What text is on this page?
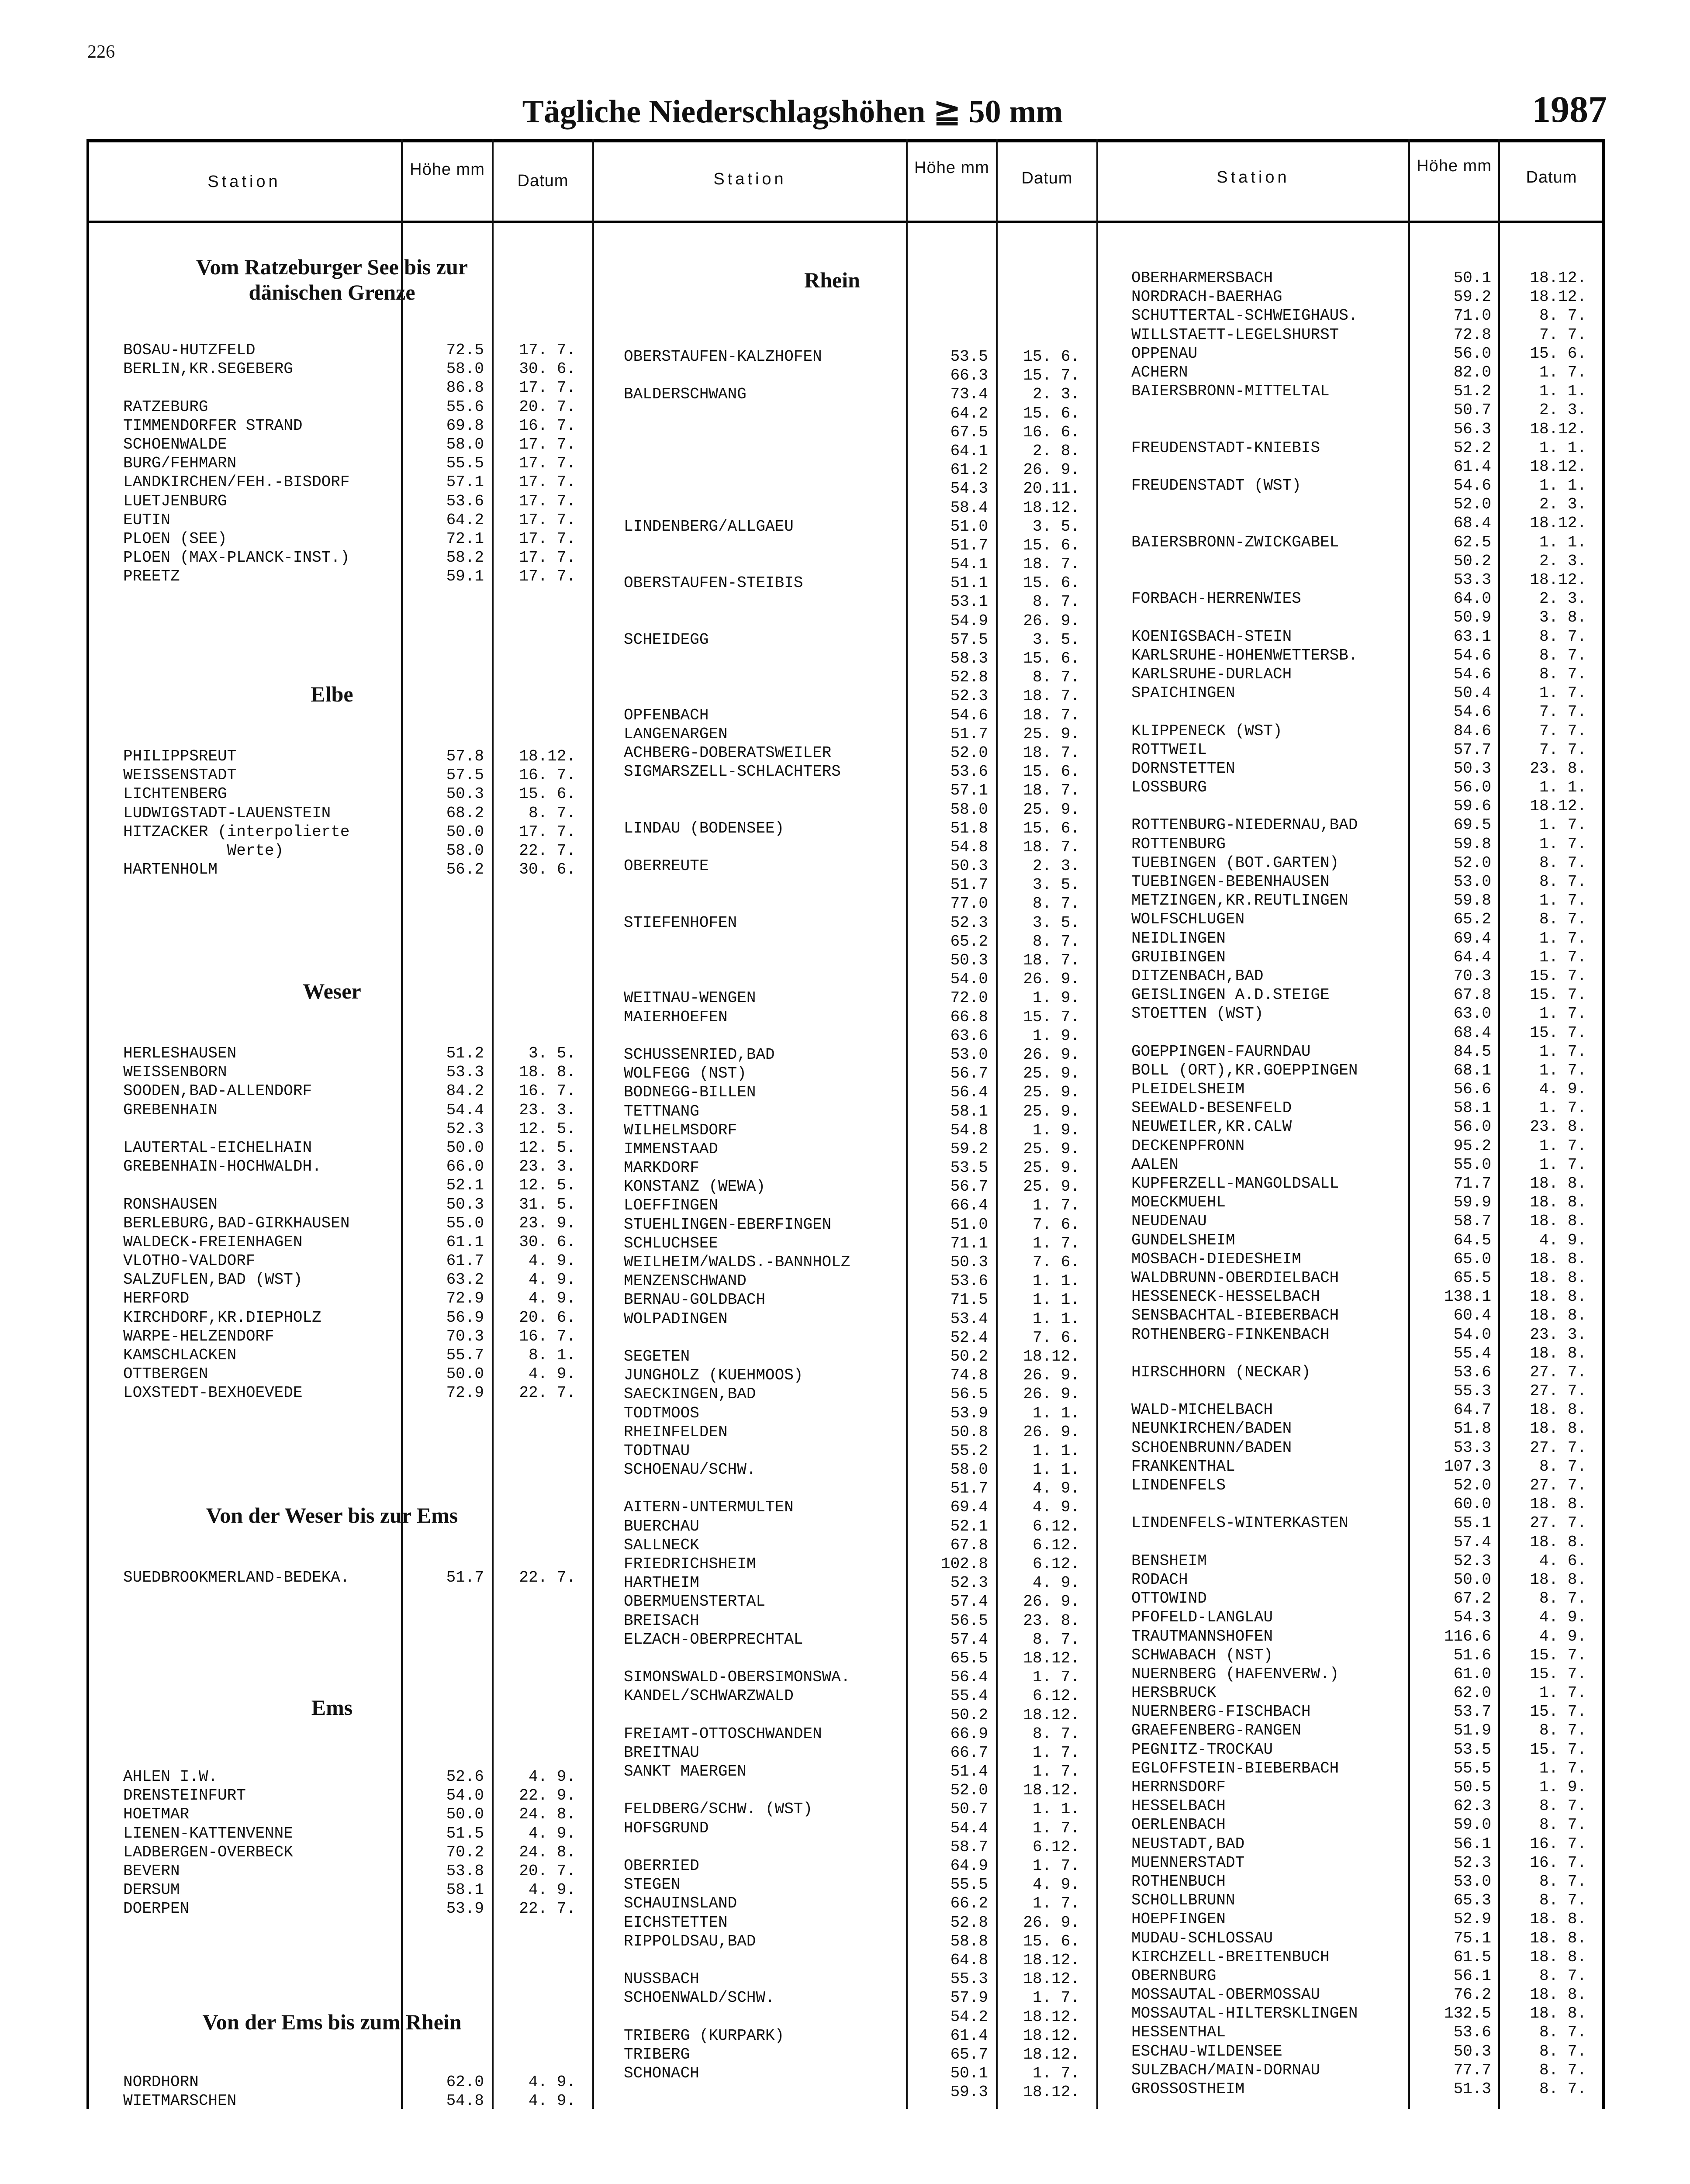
226
Tägliche Niederschlagshöhen ≧ 50 mm	1987
Station
Höhe mm
Datum	Station
Höhe mm
Datum	Station
Höhe mm
Datum
Vom Ratzeburger See bis zur dänischen Grenze
BOSAU-HUTZFELD	72.5 17. 7.
BERLIN,KR.SEGEBERG	58.0 30. 6.
86.8 17. 7.
RATZEBURG	55.6 20. 7.
TIMMENDORFER STRAND	69.8 16. 7.
SCHOENWALDE	58.0 17. 7.
BURG/FEHMARN	55.5 17. 7.
LANDKIRCHEN/FEH.-BISDORF	57.1 17. 7.
LUETJENBURG	53.6 17. 7.
EUTIN	64.2 17. 7.
PLOEN (SEE)	72.1 17. 7.
PLOEN (MAX-PLANCK-INST.)	58.2 17. 7.
PREETZ	59.1 17. 7.
Elbe
PHILIPPSREUT	57.8 18.12.
WEISSENSTADT	57.5 16. 7.
LICHTENBERG	50.3 15. 6.
LUDWIGSTADT-LAUENSTEIN	68.2	8. 7.
HITZACKER (interpolierte	50.0 17. 7.
Werte)	58.0 22. 7.
HARTENHOLM	56.2 30. 6.
Weser
HERLESHAUSEN	51.2	3. 5.
WEISSENBORN	53.3 18. 8.
SOODEN,BAD-ALLENDORF	84.2 16. 7.
GREBENHAIN	54.4 23. 3.
52.3 12. 5.
LAUTERTAL-EICHELHAIN	50.0 12. 5.
GREBENHAIN-HOCHWALDH.	66.0 23. 3.
52.1 12. 5.
RONSHAUSEN	50.3 31. 5.
BERLEBURG,BAD-GIRKHAUSEN	55.0 23. 9.
WALDECK-FREIENHAGEN	61.1 30. 6.
VLOTHO-VALDORF	61.7	4. 9.
SALZUFLEN,BAD (WST)	63.2	4. 9.
HERFORD	72.9	4. 9.
KIRCHDORF,KR.DIEPHOLZ	56.9 20. 6.
WARPE-HELZENDORF	70.3 16. 7.
KAMSCHLACKEN	55.7	8. 1.
OTTBERGEN	50.0	4. 9.
LOXSTEDT-BEXHOEVEDE	72.9 22. 7.
Von der Weser bis zur Ems
SUEDBROOKMERLAND-BEDEKA.	51.7 22. 7.
Ems
AHLEN I.W.	52.6	4. 9.
DRENSTEINFURT	54.0 22. 9.
HOETMAR	50.0 24. 8.
LIENEN-KATTENVENNE	51.5	4. 9.
LADBERGEN-OVERBECK	70.2 24. 8.
BEVERN	53.8 20. 7.
DERSUM	58.1	4. 9.
DOERPEN	53.9 22. 7.
Von der Ems bis zum Rhein
NORDHORN	62.0	4. 9.
WIETMARSCHEN	54.8	4. 9.
Rhein
OBERSTAUFEN-KALZHOFEN	53.5 15. 6.
66.3 15. 7.
BALDERSCHWANG	73.4	2. 3.
64.2 15. 6.
67.5 16. 6.
64.1	2. 8.
61.2 26. 9.
54.3 20.11.
58.4 18.12.
LINDENBERG/ALLGAEU	51.0	3. 5.
51.7 15. 6.
54.1 18. 7.
OBERSTAUFEN-STEIBIS	51.1 15. 6.
53.1	8. 7.
54.9 26. 9.
SCHEIDEGG	57.5	3. 5.
58.3 15. 6.
52.8	8. 7.
52.3 18. 7.
OPFENBACH	54.6 18. 7.
LANGENARGEN	51.7 25. 9.
ACHBERG-DOBERATSWEILER	52.0 18. 7.
SIGMARSZELL-SCHLACHTERS	53.6 15. 6.
57.1 18. 7.
58.0 25. 9.
LINDAU (BODENSEE)	51.8 15. 6.
54.8 18. 7.
OBERREUTE	50.3	2. 3.
51.7	3. 5.
77.0	8. 7.
STIEFENHOFEN	52.3	3. 5.
65.2	8. 7.
50.3 18. 7.
54.0 26. 9.
WEITNAU-WENGEN	72.0	1. 9.
MAIERHOEFEN	66.8 15. 7.
63.6	1. 9.
SCHUSSENRIED,BAD	53.0 26. 9.
WOLFEGG (NST)	56.7 25. 9.
BODNEGG-BILLEN	56.4 25. 9.
TETTNANG	58.1 25. 9.
WILHELMSDORF	54.8	1. 9.
IMMENSTAAD	59.2 25. 9.
MARKDORF	53.5 25. 9.
KONSTANZ (WEWA)	56.7 25. 9.
LOEFFINGEN	66.4	1. 7.
STUEHLINGEN-EBERFINGEN	51.0	7. 6.
SCHLUCHSEE	71.1	1. 7.
WEILHEIM/WALDS.-BANNHOLZ	50.3	7. 6.
MENZENSCHWAND	53.6	1. 1.
BERNAU-GOLDBACH	71.5	1. 1.
WOLPADINGEN	53.4	1. 1.
52.4	7. 6.
SEGETEN	50.2 18.12.
JUNGHOLZ (KUEHMOOS)	74.8 26. 9.
SAECKINGEN,BAD	56.5 26. 9.
TODTMOOS	53.9	1. 1.
RHEINFELDEN	50.8 26. 9.
TODTNAU	55.2	1. 1.
SCHOENAU/SCHW.	58.0	1. 1.
51.7	4. 9.
AITERN-UNTERMULTEN	69.4	4. 9.
BUERCHAU	52.1	6.12.
SALLNECK	67.8	6.12.
FRIEDRICHSHEIM	102.8	6.12.
HARTHEIM	52.3	4. 9.
OBERMUENSTERTAL	57.4 26. 9.
BREISACH	56.5 23. 8.
ELZACH-OBERPRECHTAL	57.4	8. 7.
65.5 18.12.
SIMONSWALD-OBERSIMONSWA.	56.4	1. 7.
KANDEL/SCHWARZWALD	55.4	6.12.
50.2 18.12.
FREIAMT-OTTOSCHWANDEN	66.9	8. 7.
BREITNAU	66.7	1. 7.
SANKT MAERGEN	51.4	1. 7.
52.0 18.12.
FELDBERG/SCHW. (WST)	50.7	1. 1.
HOFSGRUND	54.4	1. 7.
58.7	6.12.
OBERRIED	64.9	1. 7.
STEGEN	55.5	4. 9.
SCHAUINSLAND	66.2	1. 7.
EICHSTETTEN	52.8 26. 9.
RIPPOLDSAU,BAD	58.8 15. 6.
64.8 18.12.
NUSSBACH	55.3 18.12.
SCHOENWALD/SCHW.	57.9	1. 7.
54.2 18.12.
TRIBERG (KURPARK)	61.4 18.12.
TRIBERG	65.7 18.12.
SCHONACH	50.1	1. 7.
59.3 18.12.
OBERHARMERSBACH	50.1 18.12.
NORDRACH-BAERHAG	59.2 18.12.
SCHUTTERTAL-SCHWEIGHAUS.	71.0	8. 7.
WILLSTAETT-LEGELSHURST	72.8	7. 7.
OPPENAU	56.0 15. 6.
ACHERN	82.0	1. 7.
BAIERSBRONN-MITTELTAL	51.2	1. 1.
50.7	2. 3.
56.3 18.12.
FREUDENSTADT-KNIEBIS	52.2	1. 1.
61.4 18.12.
FREUDENSTADT (WST)	54.6	1. 1.
52.0	2. 3.
68.4 18.12.
BAIERSBRONN-ZWICKGABEL	62.5	1. 1.
50.2	2. 3.
53.3 18.12.
FORBACH-HERRENWIES	64.0	2. 3.
50.9	3. 8.
KOENIGSBACH-STEIN	63.1	8. 7.
KARLSRUHE-HOHENWETTERSB.	54.6	8. 7.
KARLSRUHE-DURLACH	54.6	8. 7.
SPAICHINGEN	50.4	1. 7.
54.6	7. 7.
KLIPPENECK (WST)	84.6	7. 7.
ROTTWEIL	57.7	7. 7.
DORNSTETTEN	50.3 23. 8.
LOSSBURG	56.0	1. 1.
59.6 18.12.
ROTTENBURG-NIEDERNAU,BAD	69.5	1. 7.
ROTTENBURG	59.8	1. 7.
TUEBINGEN (BOT.GARTEN)	52.0	8. 7.
TUEBINGEN-BEBENHAUSEN	53.0	8. 7.
METZINGEN,KR.REUTLINGEN	59.8	1. 7.
WOLFSCHLUGEN	65.2	8. 7.
NEIDLINGEN	69.4	1. 7.
GRUIBINGEN	64.4	1. 7.
DITZENBACH,BAD	70.3 15. 7.
GEISLINGEN A.D.STEIGE	67.8 15. 7.
STOETTEN (WST)	63.0	1. 7.
68.4 15. 7.
GOEPPINGEN-FAURNDAU	84.5	1. 7.
BOLL (ORT),KR.GOEPPINGEN	68.1	1. 7.
PLEIDELSHEIM	56.6	4. 9.
SEEWALD-BESENFELD	58.1	1. 7.
NEUWEILER,KR.CALW	56.0 23. 8.
DECKENPFRONN	95.2	1. 7.
AALEN	55.0	1. 7.
KUPFERZELL-MANGOLDSALL	71.7 18. 8.
MOECKMUEHL	59.9 18. 8.
NEUDENAU	58.7 18. 8.
GUNDELSHEIM	64.5	4. 9.
MOSBACH-DIEDESHEIM	65.0 18. 8.
WALDBRUNN-OBERDIELBACH	65.5 18. 8.
HESSENECK-HESSELBACH	138.1 18. 8.
SENSBACHTAL-BIEBERBACH	60.4 18. 8.
ROTHENBERG-FINKENBACH	54.0 23. 3.
55.4 18. 8.
HIRSCHHORN (NECKAR)	53.6 27. 7.
55.3 27. 7.
WALD-MICHELBACH	64.7 18. 8.
NEUNKIRCHEN/BADEN	51.8 18. 8.
SCHOENBRUNN/BADEN	53.3 27. 7.
FRANKENTHAL	107.3	8. 7.
LINDENFELS	52.0 27. 7.
60.0 18. 8.
LINDENFELS-WINTERKASTEN	55.1 27. 7.
57.4 18. 8.
BENSHEIM	52.3	4. 6.
RODACH	50.0 18. 8.
OTTOWIND	67.2	8. 7.
PFOFELD-LANGLAU	54.3	4. 9.
TRAUTMANNSHOFEN	116.6	4. 9.
SCHWABACH (NST)	51.6 15. 7.
NUERNBERG (HAFENVERW.)	61.0 15. 7.
HERSBRUCK	62.0	1. 7.
NUERNBERG-FISCHBACH	53.7 15. 7.
GRAEFENBERG-RANGEN	51.9	8. 7.
PEGNITZ-TROCKAU	53.5 15. 7.
EGLOFFSTEIN-BIEBERBACH	55.5	1. 7.
HERRNSDORF	50.5	1. 9.
HESSELBACH	62.3	8. 7.
OERLENBACH	59.0	8. 7.
NEUSTADT,BAD	56.1 16. 7.
MUENNERSTADT	52.3 16. 7.
ROTHENBUCH	53.0	8. 7.
SCHOLLBRUNN	65.3	8. 7.
HOEPFINGEN	52.9 18. 8.
MUDAU-SCHLOSSAU	75.1 18. 8.
KIRCHZELL-BREITENBUCH	61.5 18. 8.
OBERNBURG	56.1	8. 7.
MOSSAUTAL-OBERMOSSAU	76.2 18. 8.
MOSSAUTAL-HILTERSKLINGEN	132.5 18. 8.
HESSENTHAL	53.6	8. 7.
ESCHAU-WILDENSEE	50.3	8. 7.
SULZBACH/MAIN-DORNAU	77.7	8. 7.
GROSSOSTHEIM	51.3	8. 7.
